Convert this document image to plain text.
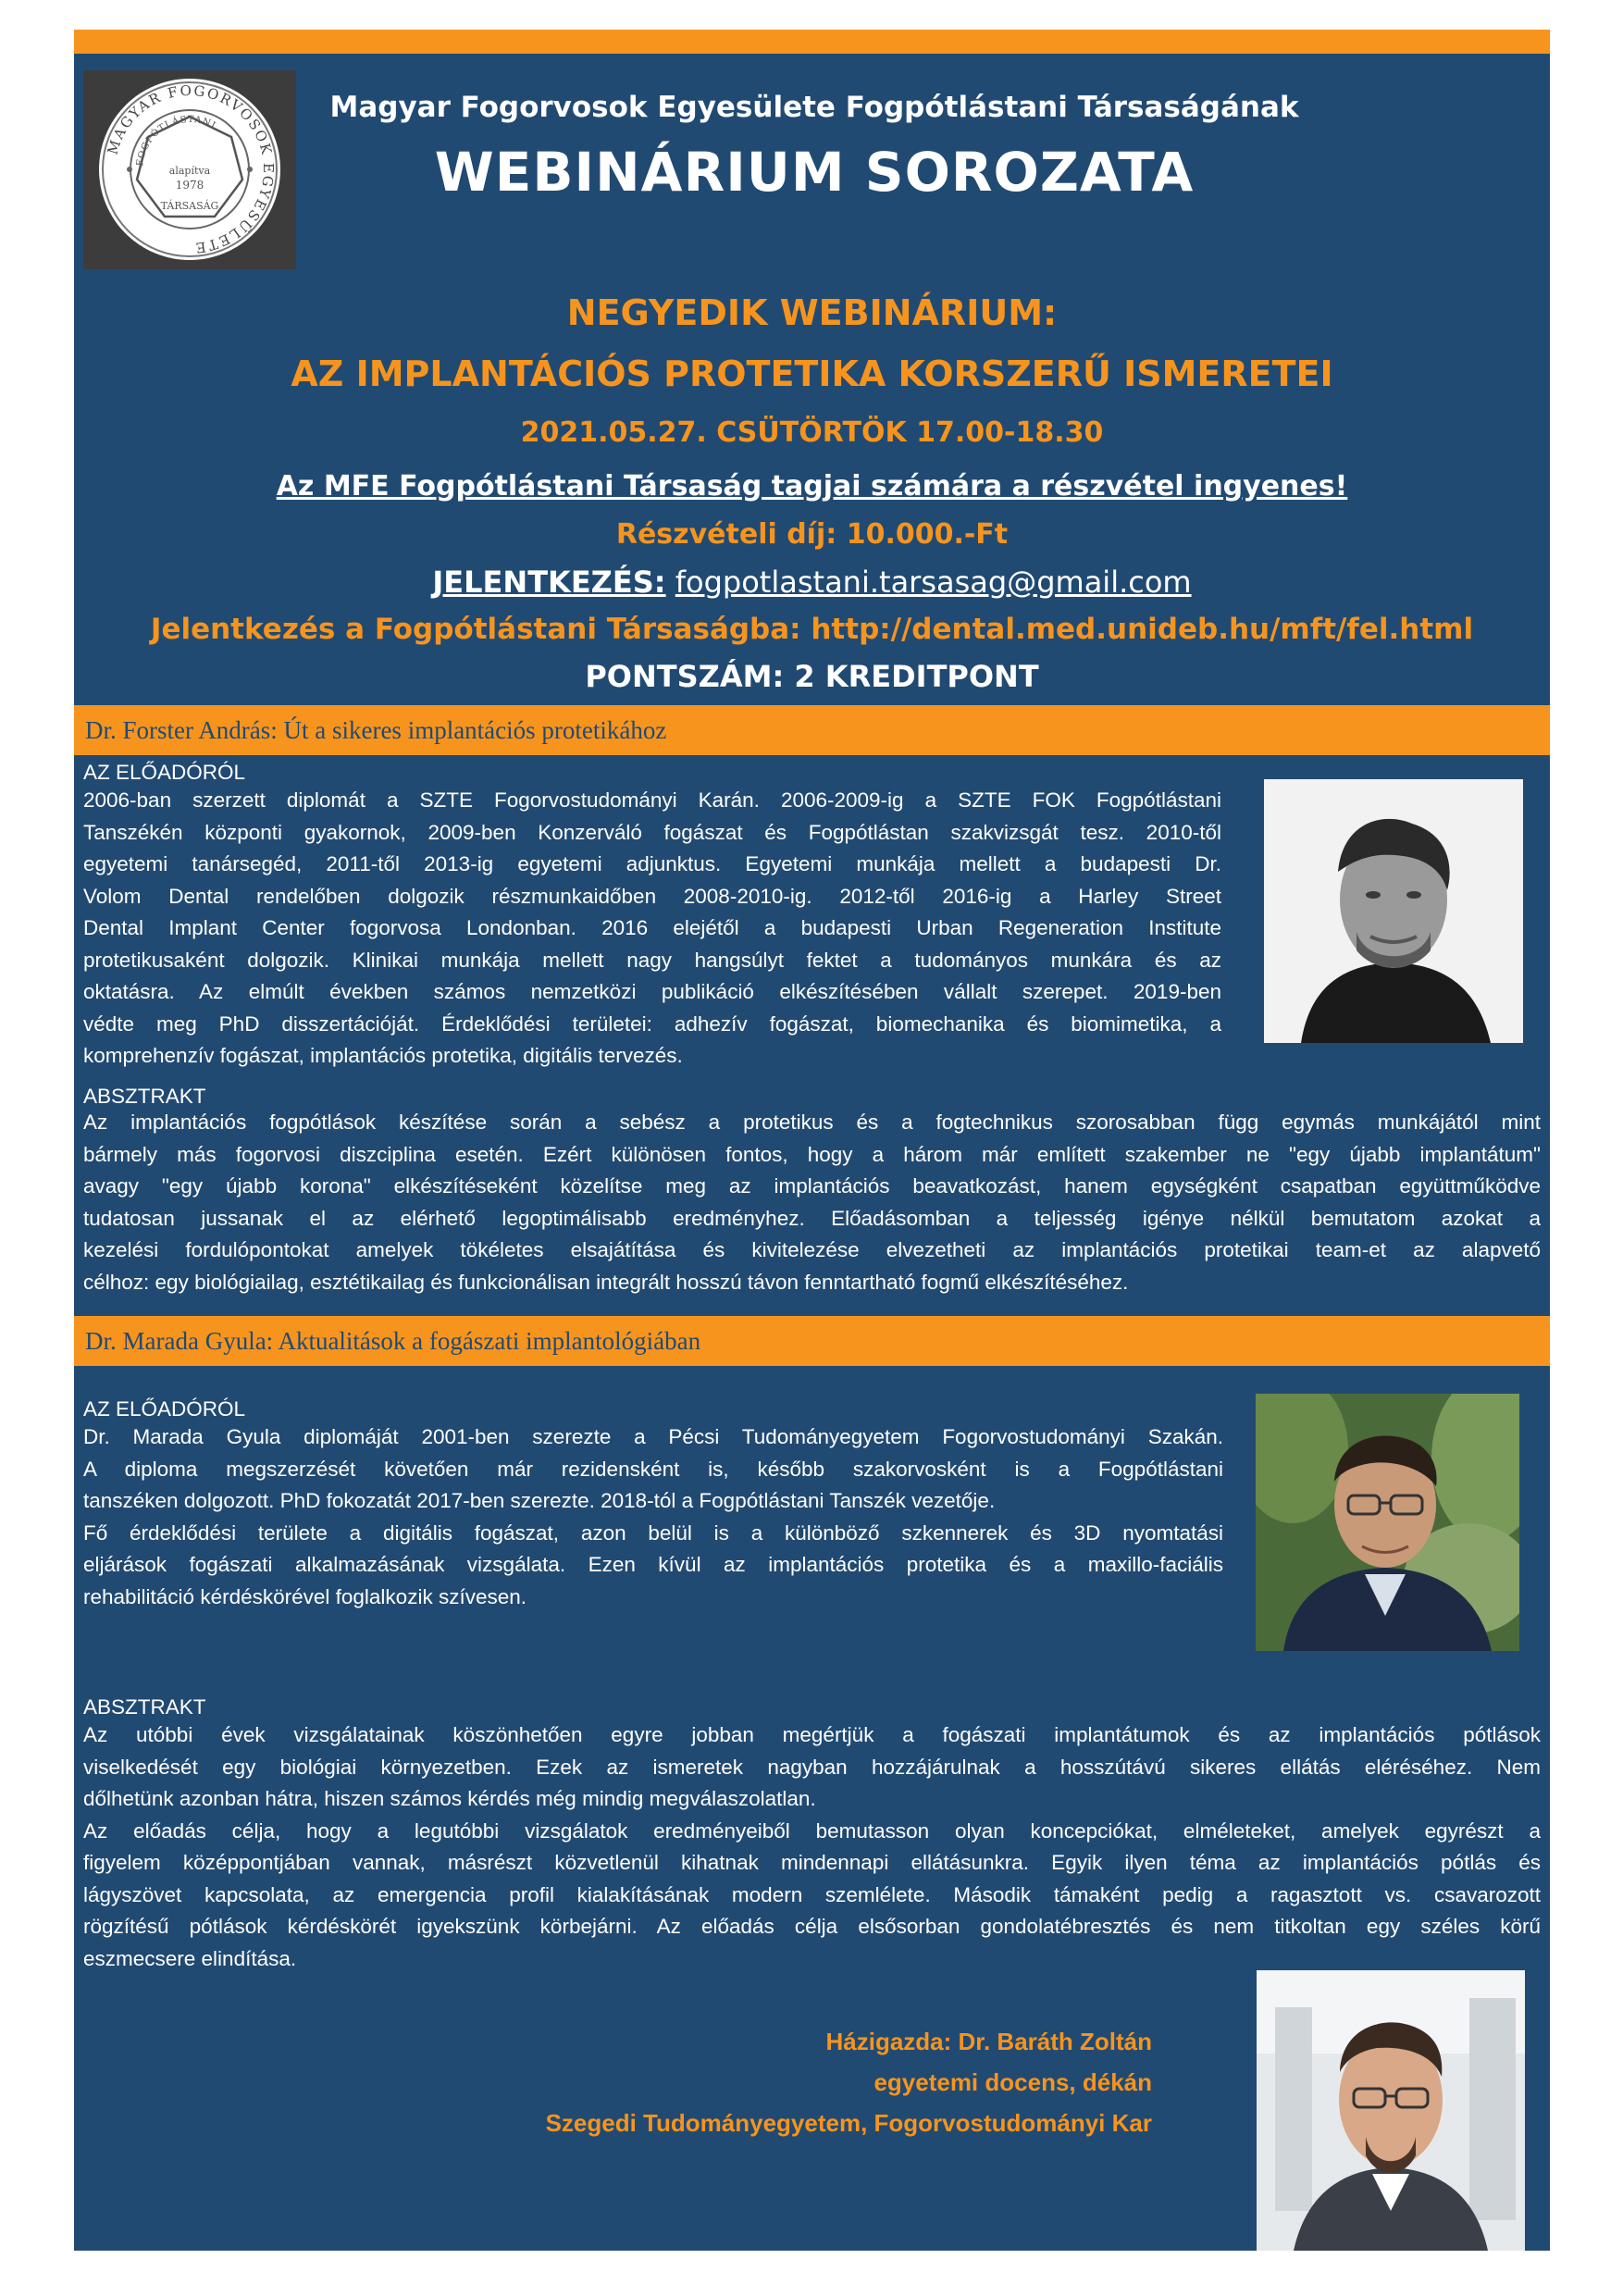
MAGYAR FOGORVOSOK EGYESÜLETE
FOGPÓTLÁSTANI
alapítva
1978
TÁRSASÁG
Magyar Fogorvosok Egyesülete Fogpótlástani Társaságának
WEBINÁRIUM SOROZATA
NEGYEDIK WEBINÁRIUM:
AZ IMPLANTÁCIÓS PROTETIKA KORSZERŰ ISMERETEI
2021.05.27. CSÜTÖRTÖK 17.00-18.30
Az MFE Fogpótlástani Társaság tagjai számára a részvétel ingyenes!
Részvételi díj: 10.000.-Ft
JELENTKEZÉS: fogpotlastani.tarsasag@gmail.com
Jelentkezés a Fogpótlástani Társaságba: http://dental.med.unideb.hu/mft/fel.html
PONTSZÁM: 2 KREDITPONT
Dr. Forster András: Út a sikeres implantációs protetikához
AZ ELŐADÓRÓL
2006-ban szerzett diplomát a SZTE Fogorvostudományi Karán. 2006-2009-ig a SZTE FOK Fogpótlástani
Tanszékén központi gyakornok, 2009-ben Konzerváló fogászat és Fogpótlástan szakvizsgát tesz. 2010-től
egyetemi tanársegéd, 2011-től 2013-ig egyetemi adjunktus. Egyetemi munkája mellett a budapesti Dr.
Volom Dental rendelőben dolgozik részmunkaidőben 2008-2010-ig. 2012-től 2016-ig a Harley Street
Dental Implant Center fogorvosa Londonban. 2016 elejétől a budapesti Urban Regeneration Institute
protetikusaként dolgozik. Klinikai munkája mellett nagy hangsúlyt fektet a tudományos munkára és az
oktatásra. Az elmúlt években számos nemzetközi publikáció elkészítésében vállalt szerepet. 2019-ben
védte meg PhD disszertációját. Érdeklődési területei: adhezív fogászat, biomechanika és biomimetika, a
komprehenzív fogászat, implantációs protetika, digitális tervezés.
ABSZTRAKT
Az implantációs fogpótlások készítése során a sebész a protetikus és a fogtechnikus szorosabban függ egymás munkájától mint
bármely más fogorvosi diszciplina esetén. Ezért különösen fontos, hogy a három már említett szakember ne "egy újabb implantátum"
avagy "egy újabb korona" elkészítéseként közelítse meg az implantációs beavatkozást, hanem egységként csapatban együttműködve
tudatosan jussanak el az elérhető legoptimálisabb eredményhez. Előadásomban a teljesség igénye nélkül bemutatom azokat a
kezelési fordulópontokat amelyek tökéletes elsajátítása és kivitelezése elvezetheti az implantációs protetikai team-et az alapvető
célhoz: egy biológiailag, esztétikailag és funkcionálisan integrált hosszú távon fenntartható fogmű elkészítéséhez.
Dr. Marada Gyula: Aktualitások a fogászati implantológiában
AZ ELŐADÓRÓL
Dr. Marada Gyula diplomáját 2001-ben szerezte a Pécsi Tudományegyetem Fogorvostudományi Szakán.
A diploma megszerzését követően már rezidensként is, később szakorvosként is a Fogpótlástani
tanszéken dolgozott. PhD fokozatát 2017-ben szerezte. 2018-tól a Fogpótlástani Tanszék vezetője.
Fő érdeklődési területe a digitális fogászat, azon belül is a különböző szkennerek és 3D nyomtatási
eljárások fogászati alkalmazásának vizsgálata. Ezen kívül az implantációs protetika és a maxillo-faciális
rehabilitáció kérdéskörével foglalkozik szívesen.
ABSZTRAKT
Az utóbbi évek vizsgálatainak köszönhetően egyre jobban megértjük a fogászati implantátumok és az implantációs pótlások
viselkedését egy biológiai környezetben. Ezek az ismeretek nagyban hozzájárulnak a hosszútávú sikeres ellátás eléréséhez. Nem
dőlhetünk azonban hátra, hiszen számos kérdés még mindig megválaszolatlan.
Az előadás célja, hogy a legutóbbi vizsgálatok eredményeiből bemutasson olyan koncepciókat, elméleteket, amelyek egyrészt a
figyelem középpontjában vannak, másrészt közvetlenül kihatnak mindennapi ellátásunkra. Egyik ilyen téma az implantációs pótlás és
lágyszövet kapcsolata, az emergencia profil kialakításának modern szemlélete. Második támaként pedig a ragasztott vs. csavarozott
rögzítésű pótlások kérdéskörét igyekszünk körbejárni. Az előadás célja elsősorban gondolatébresztés és nem titkoltan egy széles körű
eszmecsere elindítása.
Házigazda: Dr. Baráth Zoltán
egyetemi docens, dékán
Szegedi Tudományegyetem, Fogorvostudományi Kar
